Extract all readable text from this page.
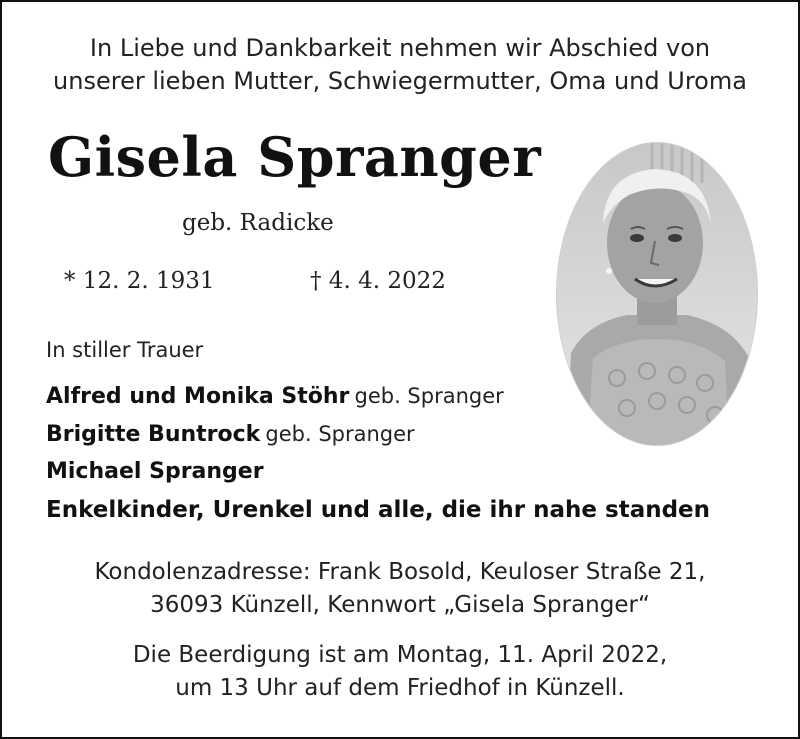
In Liebe und Dankbarkeit nehmen wir Abschied von
unserer lieben Mutter, Schwiegermutter, Oma und Uroma
Gisela Spranger
geb. Radicke
* 12. 2. 1931	† 4. 4. 2022
In stiller Trauer
Alfred und Monika Stöhr geb. Spranger
Brigitte Buntrock geb. Spranger
Michael Spranger
Enkelkinder, Urenkel und alle, die ihr nahe standen
Kondolenzadresse: Frank Bosold, Keuloser Straße 21,
36093 Künzell, Kennwort „Gisela Spranger“
Die Beerdigung ist am Montag, 11. April 2022,
um 13 Uhr auf dem Friedhof in Künzell.
